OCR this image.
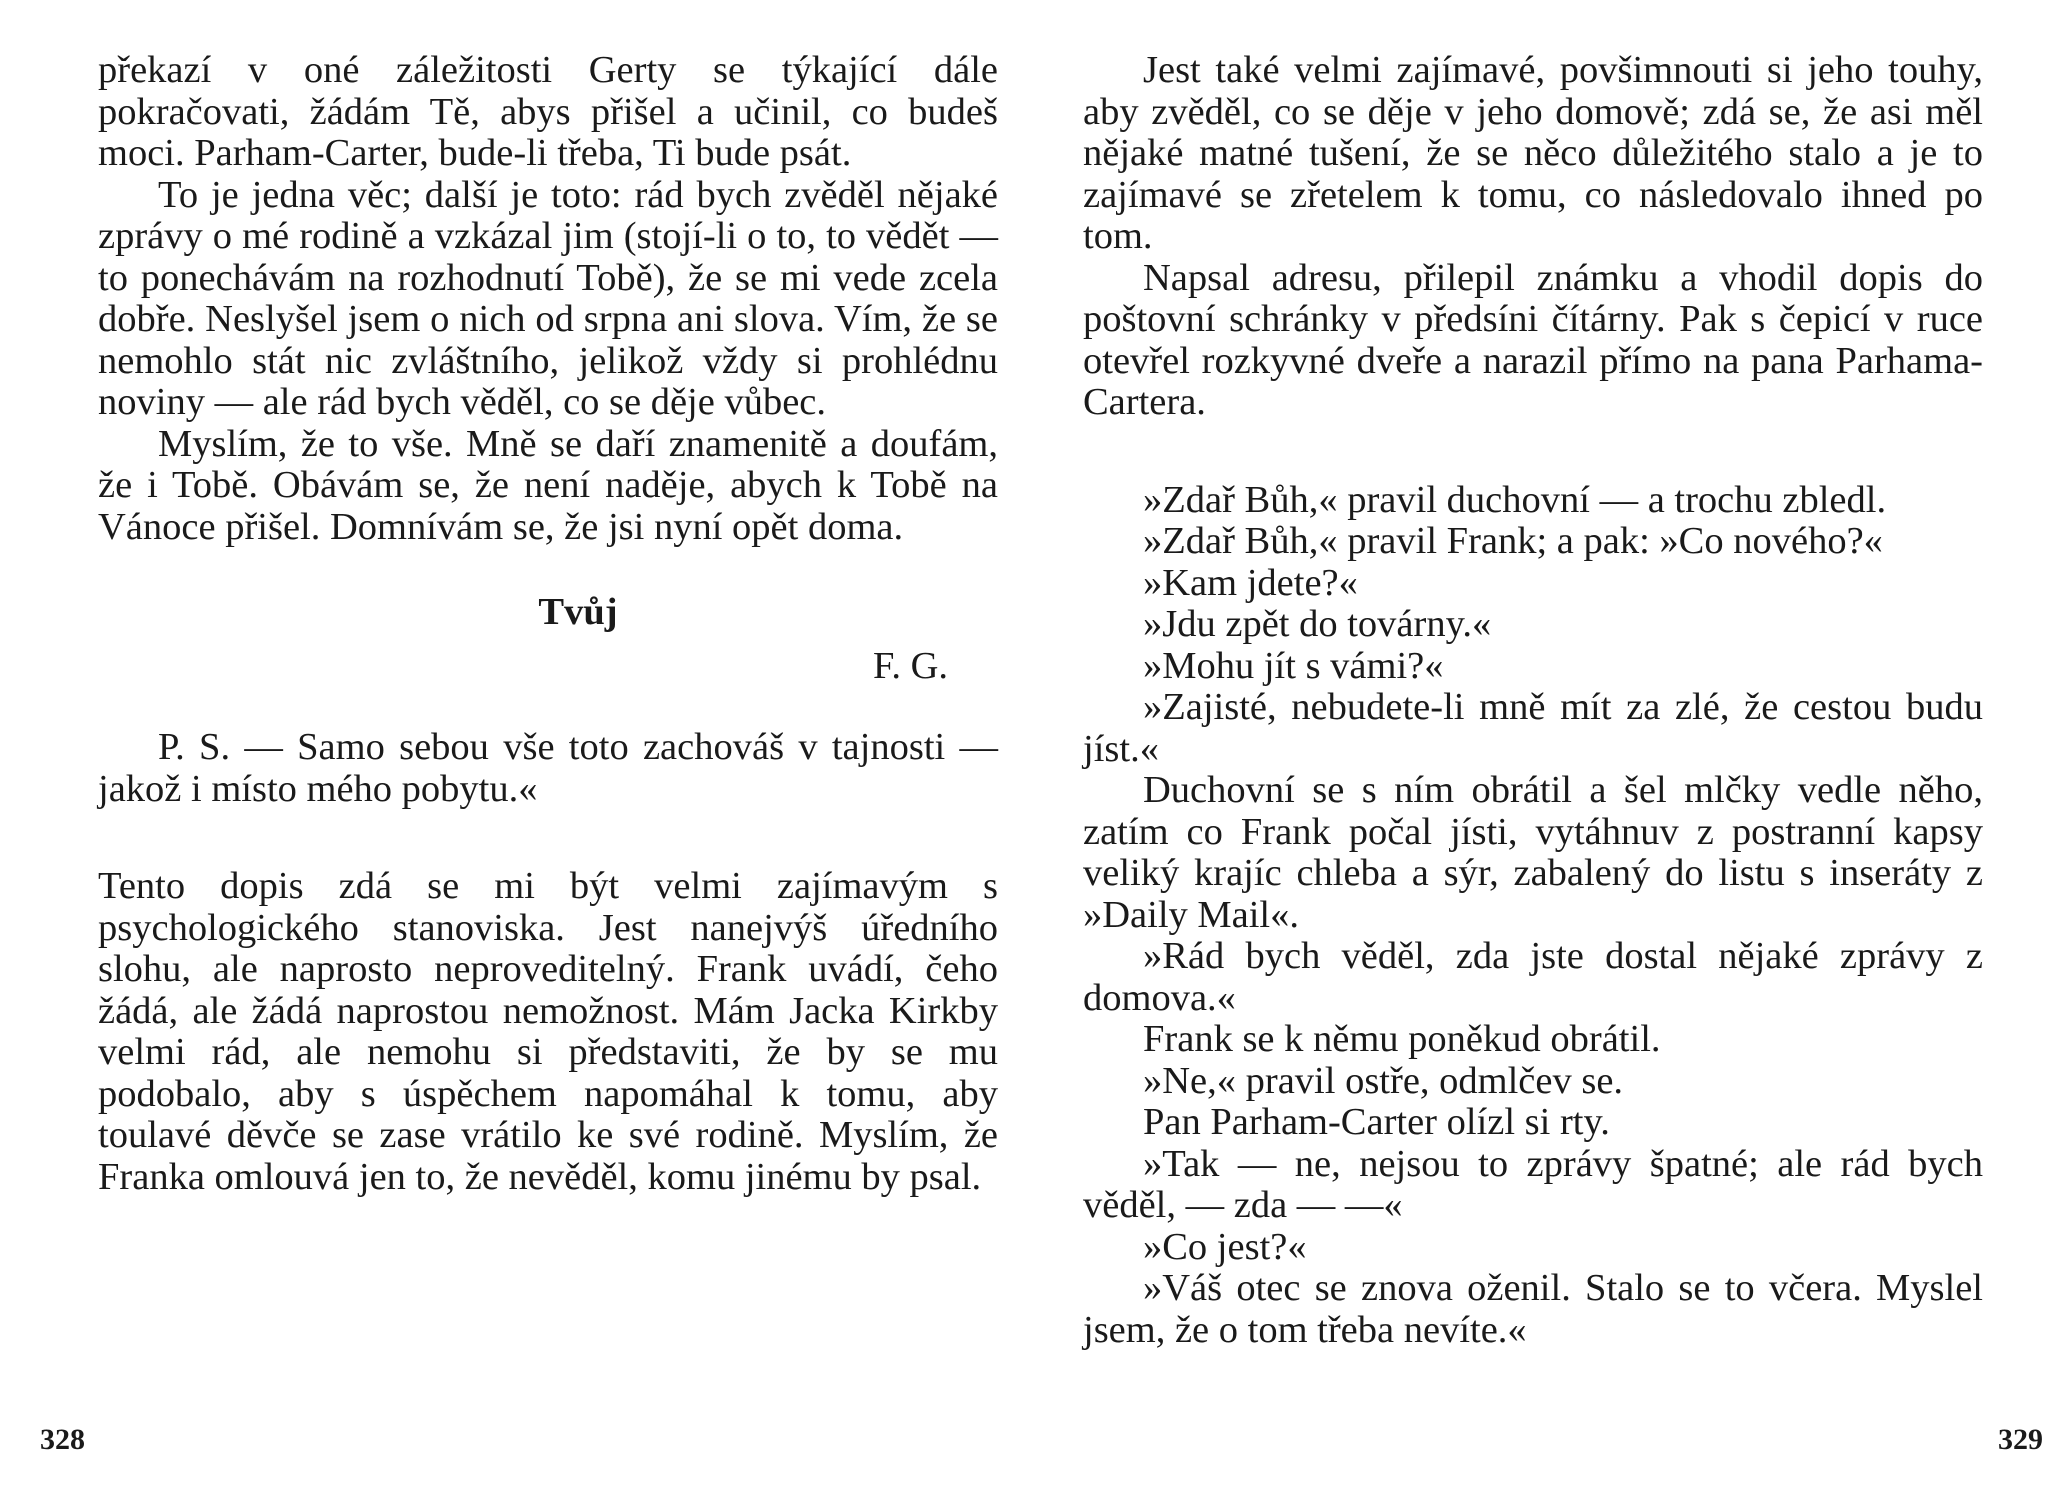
překazí v oné záležitosti Gerty se týkající dále pokračovati, žádám Tě, abys přišel a učinil, co budeš moci. Parham-Carter, bude-li třeba, Ti bude psát.

To je jedna věc; další je toto: rád bych zvěděl nějaké zprávy o mé rodině a vzkázal jim (stojí-li o to, to vědět — to ponechávám na rozhodnutí Tobě), že se mi vede zcela dobře. Neslyšel jsem o nich od srpna ani slova. Vím, že se nemohlo stát nic zvláštního, jelikož vždy si prohlédnu noviny — ale rád bych věděl, co se děje vůbec.

Myslím, že to vše. Mně se daří znamenitě a doufám, že i Tobě. Obávám se, že není naděje, abych k Tobě na Vánoce přišel. Domnívám se, že jsi nyní opět doma.

Tvůj

F. G.

P. S. — Samo sebou vše toto zachováš v tajnosti — jakož i místo mého pobytu.«

Tento dopis zdá se mi být velmi zajímavým s psychologického stanoviska. Jest nanejvýš úředního slohu, ale naprosto neproveditelný. Frank uvádí, čeho žádá, ale žádá naprostou nemožnost. Mám Jacka Kirkby velmi rád, ale nemohu si představiti, že by se mu podobalo, aby s úspěchem napomáhal k tomu, aby toulavé děvče se zase vrátilo ke své rodině. Myslím, že Franka omlouvá jen to, že nevěděl, komu jinému by psal.

Jest také velmi zajímavé, povšimnouti si jeho touhy, aby zvěděl, co se děje v jeho domově; zdá se, že asi měl nějaké matné tušení, že se něco důležitého stalo a je to zajímavé se zřetelem k tomu, co následovalo ihned po tom.

Napsal adresu, přilepil známku a vhodil dopis do poštovní schránky v předsíni čítárny. Pak s čepicí v ruce otevřel rozkyvné dveře a narazil přímo na pana Parhama-Cartera.

»Zdař Bůh,« pravil duchovní — a trochu zbledl.

»Zdař Bůh,« pravil Frank; a pak: »Co nového?«

»Kam jdete?«

»Jdu zpět do továrny.«

»Mohu jít s vámi?«

»Zajisté, nebudete-li mně mít za zlé, že cestou budu jíst.«

Duchovní se s ním obrátil a šel mlčky vedle něho, zatím co Frank počal jísti, vytáhnuv z postranní kapsy veliký krajíc chleba a sýr, zabalený do listu s inseráty z »Daily Mail«.

»Rád bych věděl, zda jste dostal nějaké zprávy z domova.«

Frank se k němu poněkud obrátil.

»Ne,« pravil ostře, odmlčev se.

Pan Parham-Carter olízl si rty.

»Tak — ne, nejsou to zprávy špatné; ale rád bych věděl, — zda — —«

»Co jest?«

»Váš otec se znova oženil. Stalo se to včera. Myslel jsem, že o tom třeba nevíte.«

328	329
